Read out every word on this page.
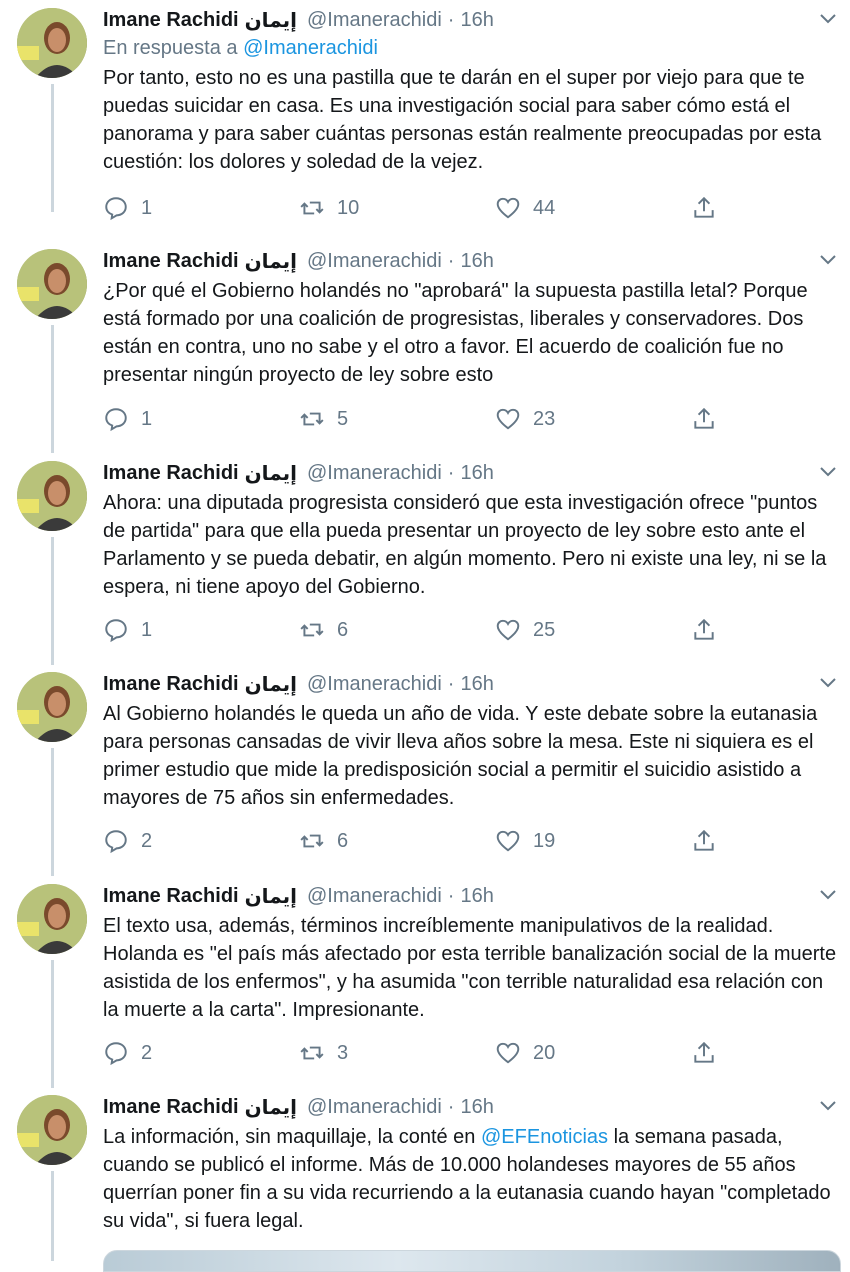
Imane Rachidi إيمان @Imanerachidi · 16h
En respuesta a @Imanerachidi
Por tanto, esto no es una pastilla que te darán en el super por viejo para que te puedas suicidar en casa. Es una investigación social para saber cómo está el panorama y para saber cuántas personas están realmente preocupadas por esta cuestión: los dolores y soledad de la vejez.
1	10	44
Imane Rachidi إيمان @Imanerachidi · 16h
¿Por qué el Gobierno holandés no "aprobará" la supuesta pastilla letal? Porque está formado por una coalición de progresistas, liberales y conservadores. Dos están en contra, uno no sabe y el otro a favor. El acuerdo de coalición fue no presentar ningún proyecto de ley sobre esto
1	5	23
Imane Rachidi إيمان @Imanerachidi · 16h
Ahora: una diputada progresista consideró que esta investigación ofrece "puntos de partida" para que ella pueda presentar un proyecto de ley sobre esto ante el Parlamento y se pueda debatir, en algún momento. Pero ni existe una ley, ni se la espera, ni tiene apoyo del Gobierno.
1	6	25
Imane Rachidi إيمان @Imanerachidi · 16h
Al Gobierno holandés le queda un año de vida. Y este debate sobre la eutanasia para personas cansadas de vivir lleva años sobre la mesa. Este ni siquiera es el primer estudio que mide la predisposición social a permitir el suicidio asistido a mayores de 75 años sin enfermedades.
2	6	19
Imane Rachidi إيمان @Imanerachidi · 16h
El texto usa, además, términos increíblemente manipulativos de la realidad. Holanda es "el país más afectado por esta terrible banalización social de la muerte asistida de los enfermos", y ha asumida "con terrible naturalidad esa relación con la muerte a la carta". Impresionante.
2	3	20
Imane Rachidi إيمان @Imanerachidi · 16h
La información, sin maquillaje, la conté en @EFEnoticias la semana pasada, cuando se publicó el informe. Más de 10.000 holandeses mayores de 55 años querrían poner fin a su vida recurriendo a la eutanasia cuando hayan "completado su vida", si fuera legal.
